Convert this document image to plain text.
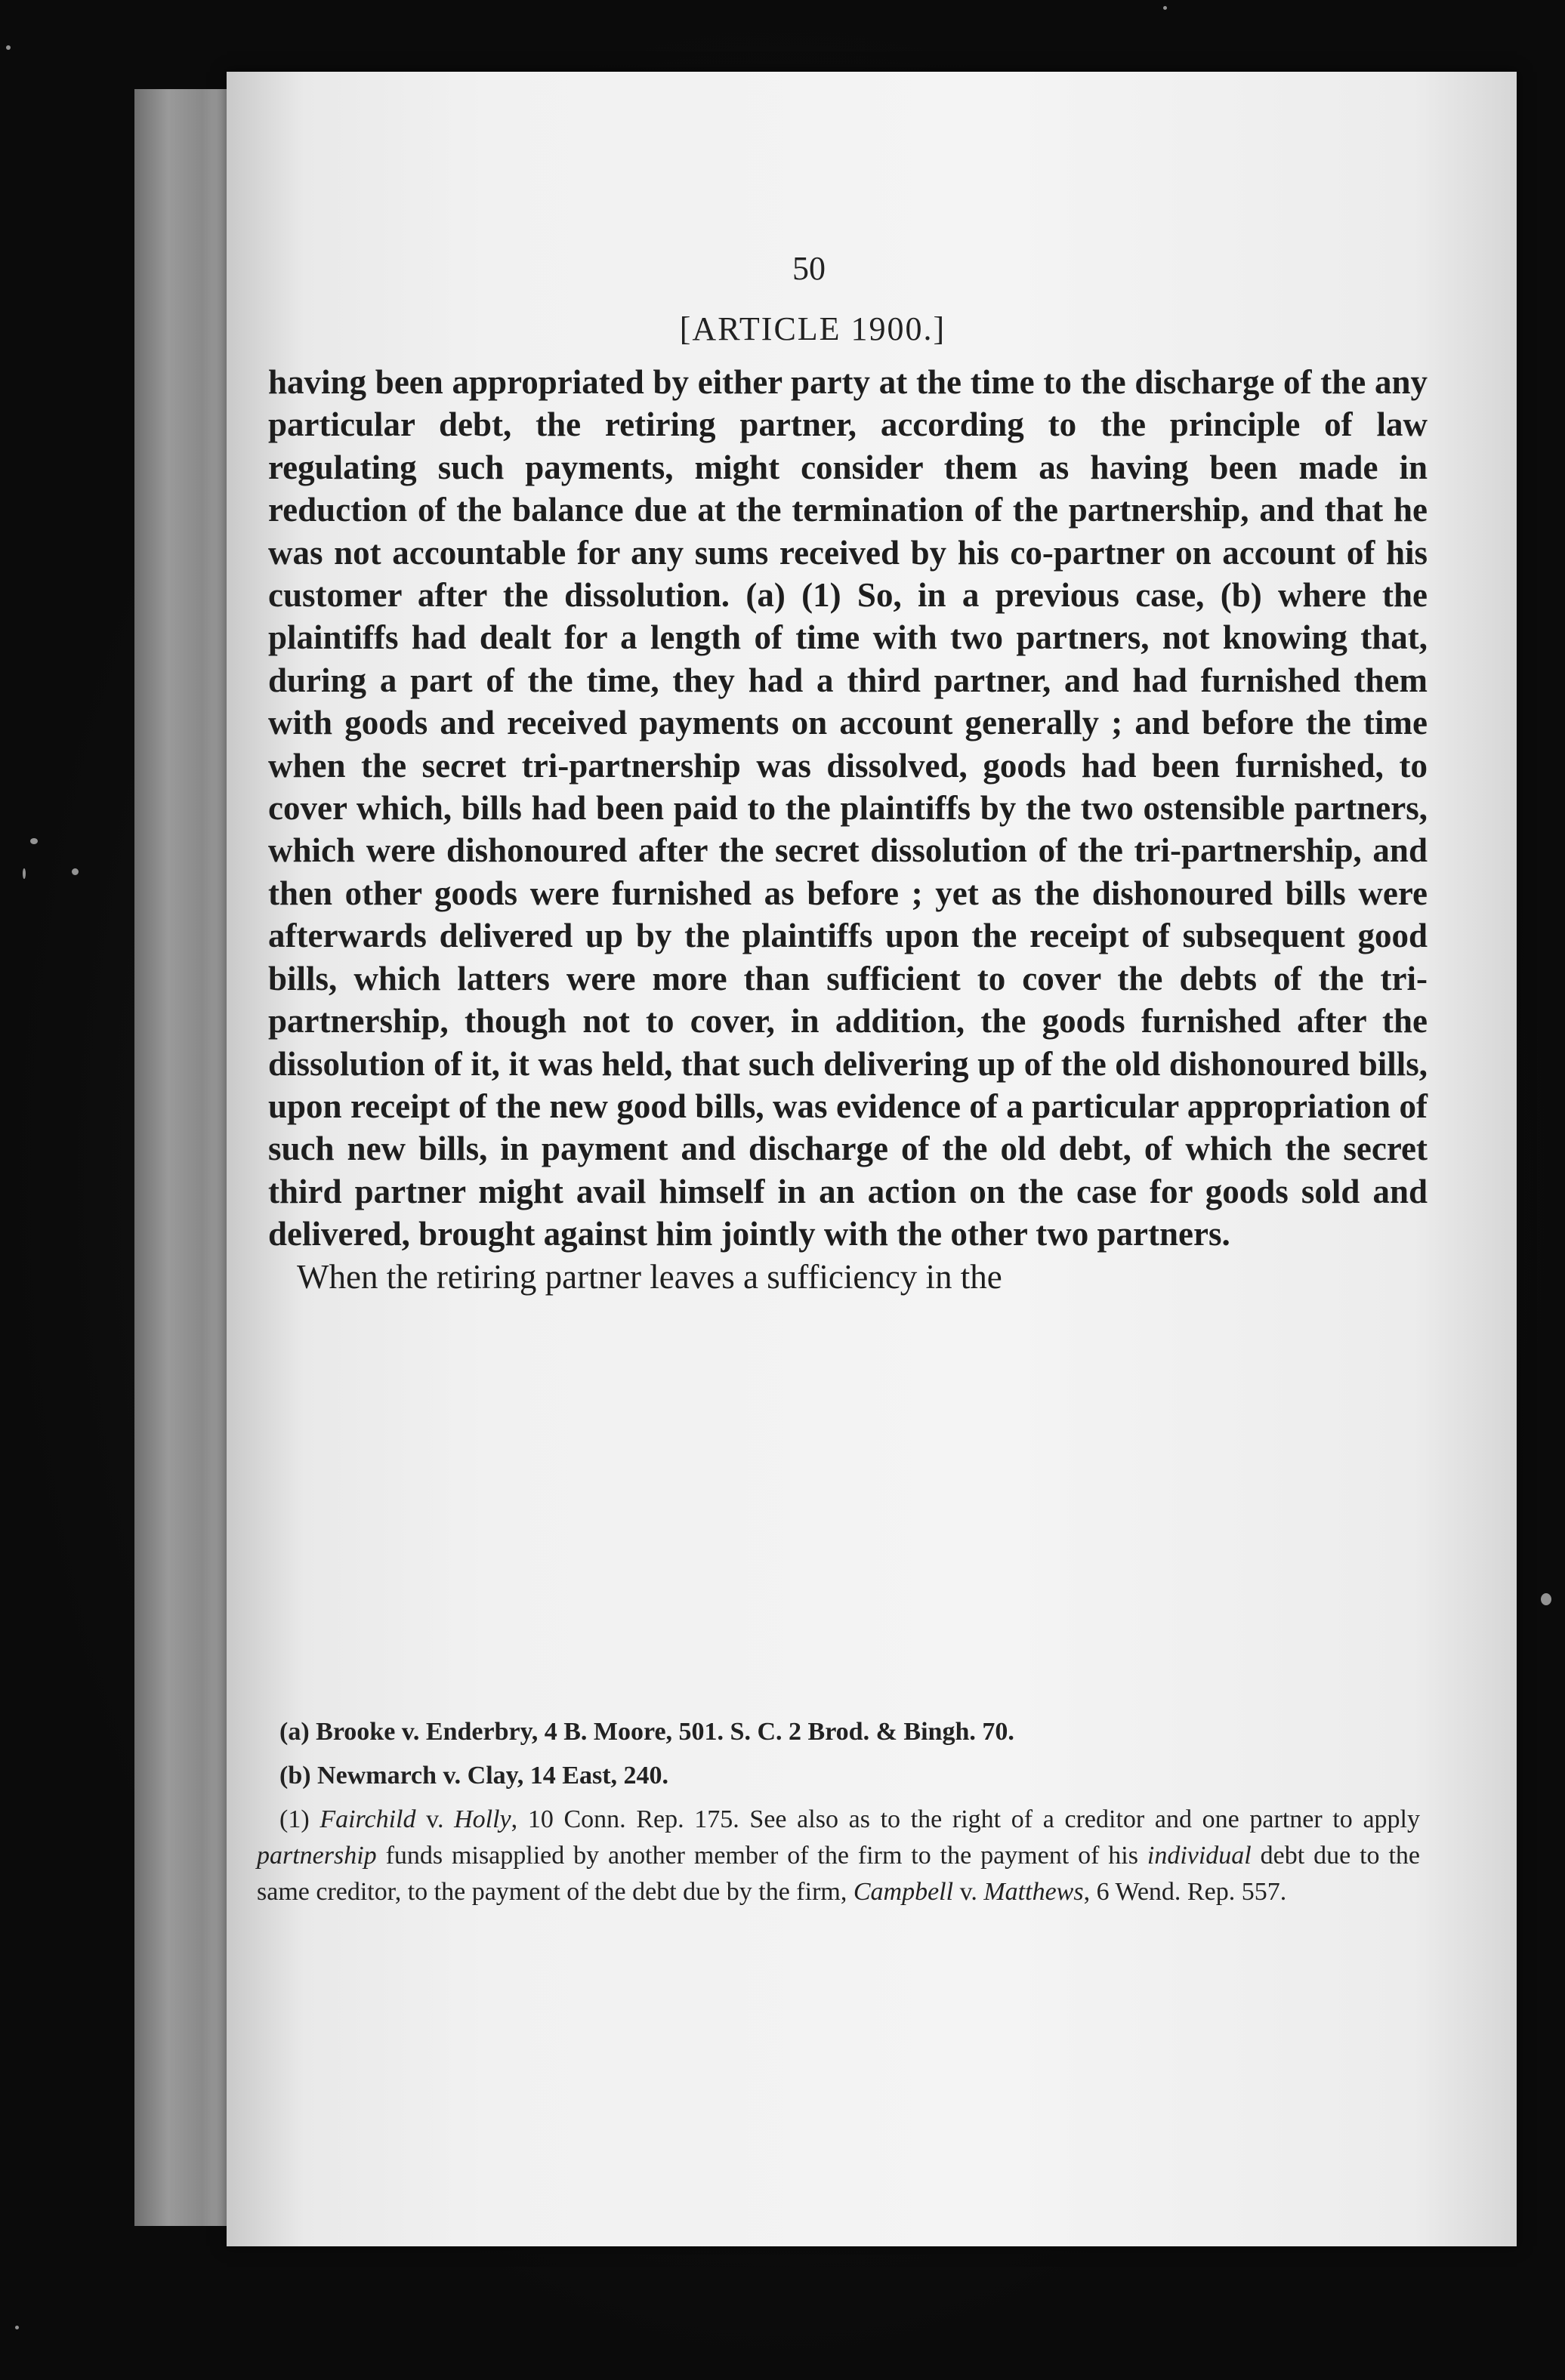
50
[ARTICLE 1900.]

having been appropriated by either party at the time to the discharge of the any particular debt, the retiring partner, according to the principle of law regulating such payments, might consider them as having been made in reduction of the balance due at the termination of the partnership, and that he was not accountable for any sums received by his co-partner on account of his customer after the dissolution. (a) (1) So, in a previous case, (b) where the plaintiffs had dealt for a length of time with two partners, not knowing that, during a part of the time, they had a third partner, and had furnished them with goods and received payments on account generally ; and before the time when the secret tri-partnership was dissolved, goods had been furnished, to cover which, bills had been paid to the plaintiffs by the two ostensible partners, which were dishonoured after the secret dissolution of the tri-partnership, and then other goods were furnished as before ; yet as the dishonoured bills were afterwards delivered up by the plaintiffs upon the receipt of subsequent good bills, which latters were more than sufficient to cover the debts of the tri-partnership, though not to cover, in addition, the goods furnished after the dissolution of it, it was held, that such delivering up of the old dishonoured bills, upon receipt of the new good bills, was evidence of a particular appropriation of such new bills, in payment and discharge of the old debt, of which the secret third partner might avail himself in an action on the case for goods sold and delivered, brought against him jointly with the other two partners.

When the retiring partner leaves a sufficiency in the

(a) Brooke v. Enderbry, 4 B. Moore, 501. S. C. 2 Brod. & Bingh. 70.

(b) Newmarch v. Clay, 14 East, 240.

(1) Fairchild v. Holly, 10 Conn. Rep. 175. See also as to the right of a creditor and one partner to apply partnership funds misapplied by another member of the firm to the payment of his individual debt due to the same creditor, to the payment of the debt due by the firm, Campbell v. Matthews, 6 Wend. Rep. 557.
